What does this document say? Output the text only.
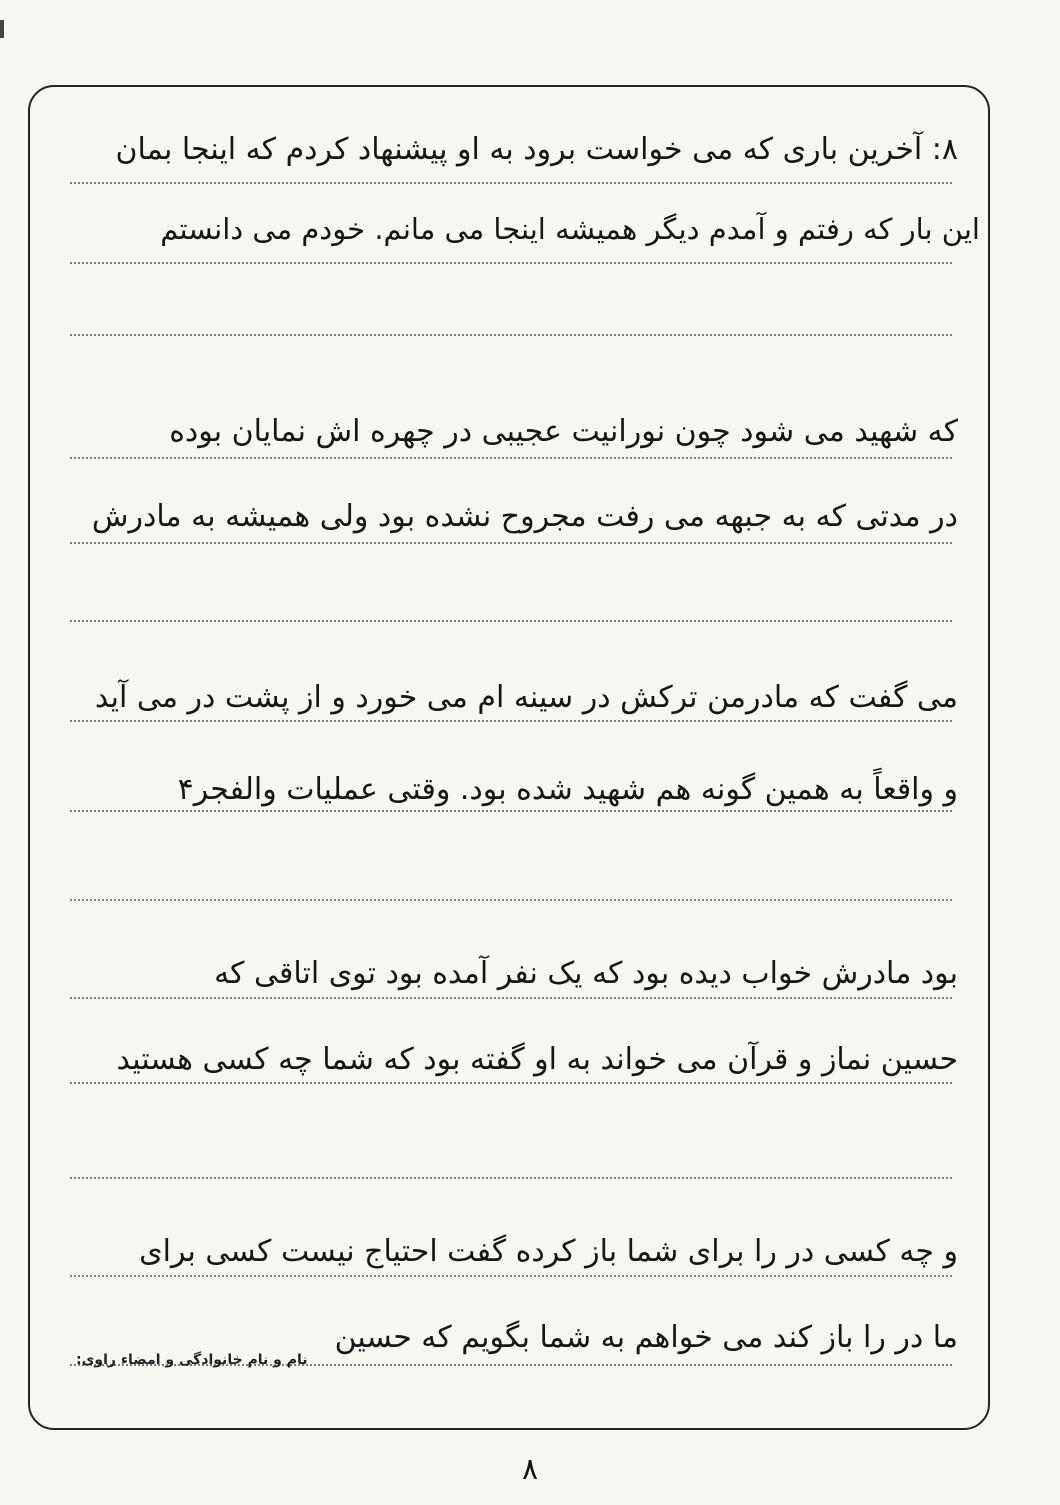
۸: آخرین باری که می خواست برود به او پیشنهاد کردم که اینجا بمان
این بار که رفتم و آمدم دیگر همیشه اینجا می مانم. خودم می دانستم
که شهید می شود چون نورانیت عجیبی در چهره اش نمایان بوده
در مدتی که به جبهه می رفت مجروح نشده بود ولی همیشه به مادرش
می گفت که مادرمن ترکش در سینه ام می خورد و از پشت در می آید
و واقعاً به همین گونه هم شهید شده بود. وقتی عملیات والفجر۴
بود مادرش خواب دیده بود که یک نفر آمده بود توی اتاقی که
حسین نماز و قرآن می خواند به او گفته بود که شما چه کسی هستید
و چه کسی در را برای شما باز کرده گفت احتیاج نیست کسی برای
ما در را باز کند می خواهم به شما بگویم که حسین
نام و نام خانوادگی و امضاء راوی:
۸
